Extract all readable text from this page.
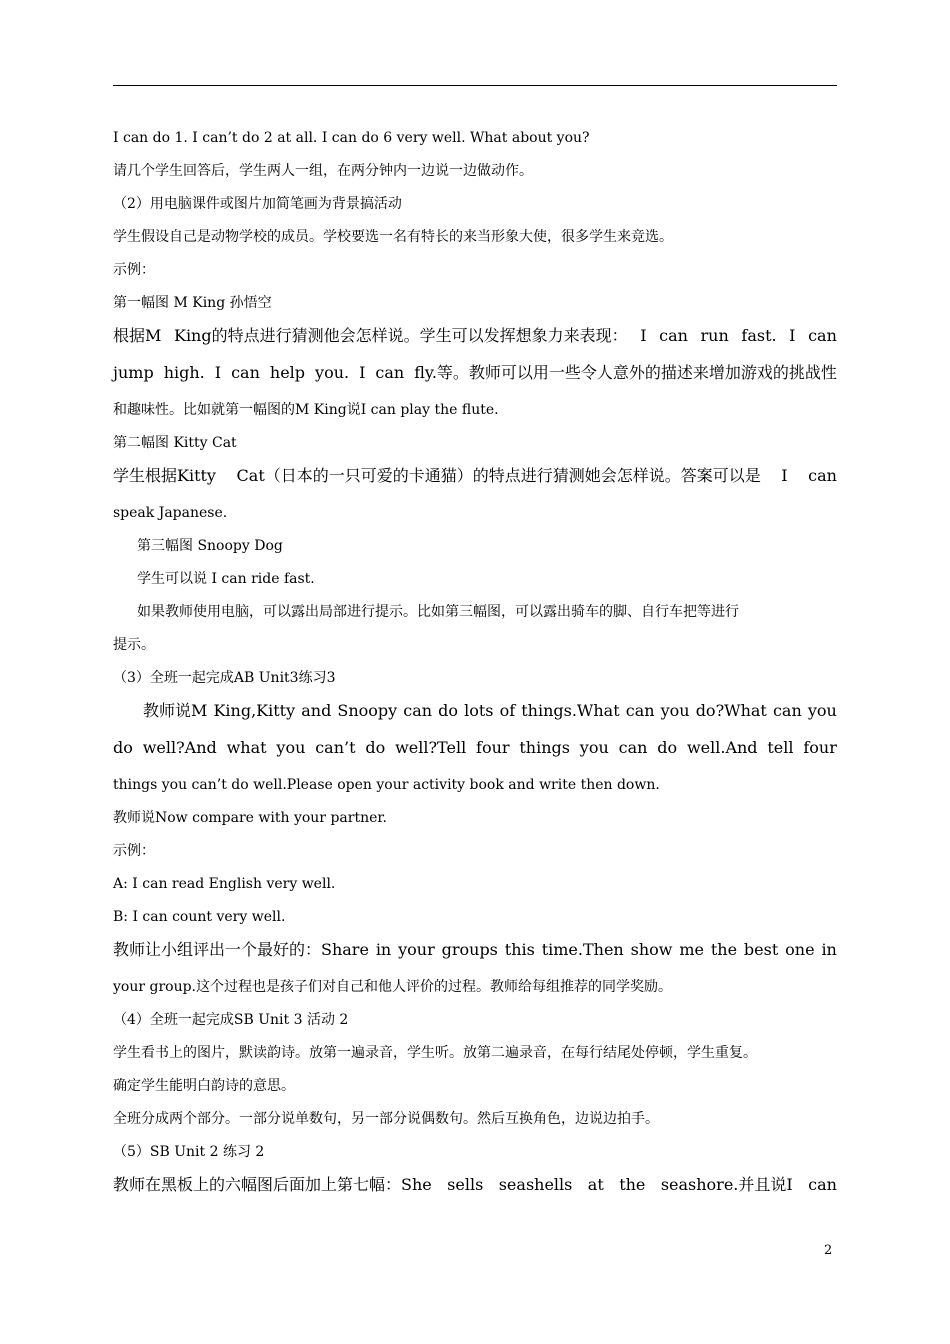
I can do 1. I can’t do 2 at all. I can do 6 very well. What about you?
请几个学生回答后，学生两人一组，在两分钟内一边说一边做动作。
（2）用电脑课件或图片加简笔画为背景搞活动
学生假设自己是动物学校的成员。学校要选一名有特长的来当形象大使，很多学生来竞选。
示例：
第一幅图 M King 孙悟空
根据M King的特点进行猜测他会怎样说。学生可以发挥想象力来表现： I can run fast. I can
jump high. I can help you. I can fly.等。教师可以用一些令人意外的描述来增加游戏的挑战性
和趣味性。比如就第一幅图的M King说I can play the flute.
第二幅图 Kitty Cat
学生根据Kitty Cat（日本的一只可爱的卡通猫）的特点进行猜测她会怎样说。答案可以是 I can
speak Japanese.
第三幅图 Snoopy Dog
学生可以说 I can ride fast.
如果教师使用电脑，可以露出局部进行提示。比如第三幅图，可以露出骑车的脚、自行车把等进行
提示。
（3）全班一起完成AB Unit3练习3
教师说M King,Kitty and Snoopy can do lots of things.What can you do?What can you
do well?And what you can’t do well?Tell four things you can do well.And tell four
things you can’t do well.Please open your activity book and write then down.
教师说Now compare with your partner.
示例：
A: I can read English very well.
B: I can count very well.
教师让小组评出一个最好的：Share in your groups this time.Then show me the best one in
your group.这个过程也是孩子们对自己和他人评价的过程。教师给每组推荐的同学奖励。
（4）全班一起完成SB Unit 3 活动 2
学生看书上的图片，默读韵诗。放第一遍录音，学生听。放第二遍录音，在每行结尾处停顿，学生重复。
确定学生能明白韵诗的意思。
全班分成两个部分。一部分说单数句，另一部分说偶数句。然后互换角色，边说边拍手。
（5）SB Unit 2 练习 2
教师在黑板上的六幅图后面加上第七幅：She sells seashells at the seashore.并且说I can
2
